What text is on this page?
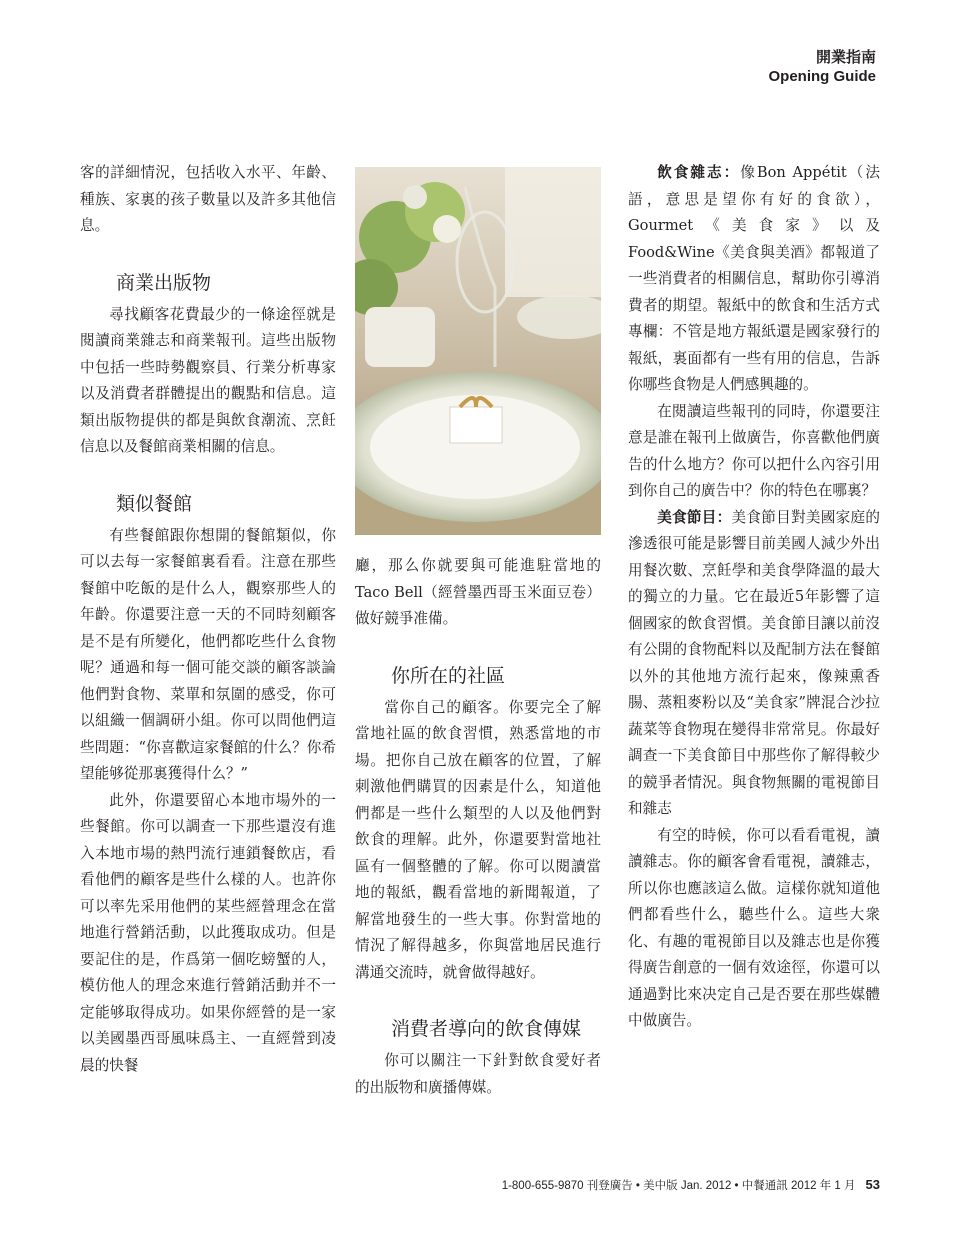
開業指南
Opening Guide

客的詳細情況，包括收入水平、年齡、種族、家裏的孩子數量以及許多其他信息。

商業出版物

尋找顧客花費最少的一條途徑就是閱讀商業雜志和商業報刊。這些出版物中包括一些時勢觀察員、行業分析專家以及消費者群體提出的觀點和信息。這類出版物提供的都是與飲食潮流、烹飪信息以及餐館商業相關的信息。

類似餐館

有些餐館跟你想開的餐館類似，你可以去每一家餐館裏看看。注意在那些餐館中吃飯的是什么人，觀察那些人的年齡。你還要注意一天的不同時刻顧客是不是有所變化，他們都吃些什么食物呢？通過和每一個可能交談的顧客談論他們對食物、菜單和氛圍的感受，你可以組織一個調研小組。你可以問他們這些問題：“你喜歡這家餐館的什么？你希望能够從那裏獲得什么？”

此外，你還要留心本地市場外的一些餐館。你可以調查一下那些還沒有進入本地市場的熱門流行連鎖餐飲店，看看他們的顧客是些什么樣的人。也許你可以率先采用他們的某些經營理念在當地進行營銷活動，以此獲取成功。但是要記住的是，作爲第一個吃螃蟹的人，模仿他人的理念來進行營銷活動并不一定能够取得成功。如果你經營的是一家以美國墨西哥風味爲主、一直經營到凌晨的快餐

廳，那么你就要與可能進駐當地的Taco Bell（經營墨西哥玉米面豆卷）做好競爭准備。

你所在的社區

當你自己的顧客。你要完全了解當地社區的飲食習慣，熟悉當地的市場。把你自己放在顧客的位置，了解刺激他們購買的因素是什么，知道他們都是一些什么類型的人以及他們對飲食的理解。此外，你還要對當地社區有一個整體的了解。你可以閱讀當地的報紙，觀看當地的新聞報道，了解當地發生的一些大事。你對當地的情況了解得越多，你與當地居民進行溝通交流時，就會做得越好。

消費者導向的飲食傳媒

你可以關注一下針對飲食愛好者的出版物和廣播傳媒。

飲食雜志：像Bon Appétit（法語，意思是望你有好的食欲），Gourmet《美食家》以及Food&Wine《美食與美酒》都報道了一些消費者的相關信息，幫助你引導消費者的期望。報紙中的飲食和生活方式專欄：不管是地方報紙還是國家發行的報紙，裏面都有一些有用的信息，告訴你哪些食物是人們感興趣的。

在閱讀這些報刊的同時，你還要注意是誰在報刊上做廣告，你喜歡他們廣告的什么地方？你可以把什么內容引用到你自己的廣告中？你的特色在哪裏？

美食節目：美食節目對美國家庭的滲透很可能是影響目前美國人減少外出用餐次數、烹飪學和美食學降溫的最大的獨立的力量。它在最近5年影響了這個國家的飲食習慣。美食節目讓以前沒有公開的食物配料以及配制方法在餐館以外的其他地方流行起來，像辣熏香腸、蒸粗麥粉以及“美食家”牌混合沙拉蔬菜等食物現在變得非常常見。你最好調查一下美食節目中那些你了解得較少的競爭者情況。與食物無關的電視節目和雜志

有空的時候，你可以看看電視，讀讀雜志。你的顧客會看電視，讀雜志，所以你也應該這么做。這樣你就知道他們都看些什么，聽些什么。這些大衆化、有趣的電視節目以及雜志也是你獲得廣告創意的一個有效途徑，你還可以通過對比來决定自己是否要在那些媒體中做廣告。

1-800-655-9870 刊登廣告 • 美中版 Jan. 2012 • 中餐通訊 2012 年 1 月 53
